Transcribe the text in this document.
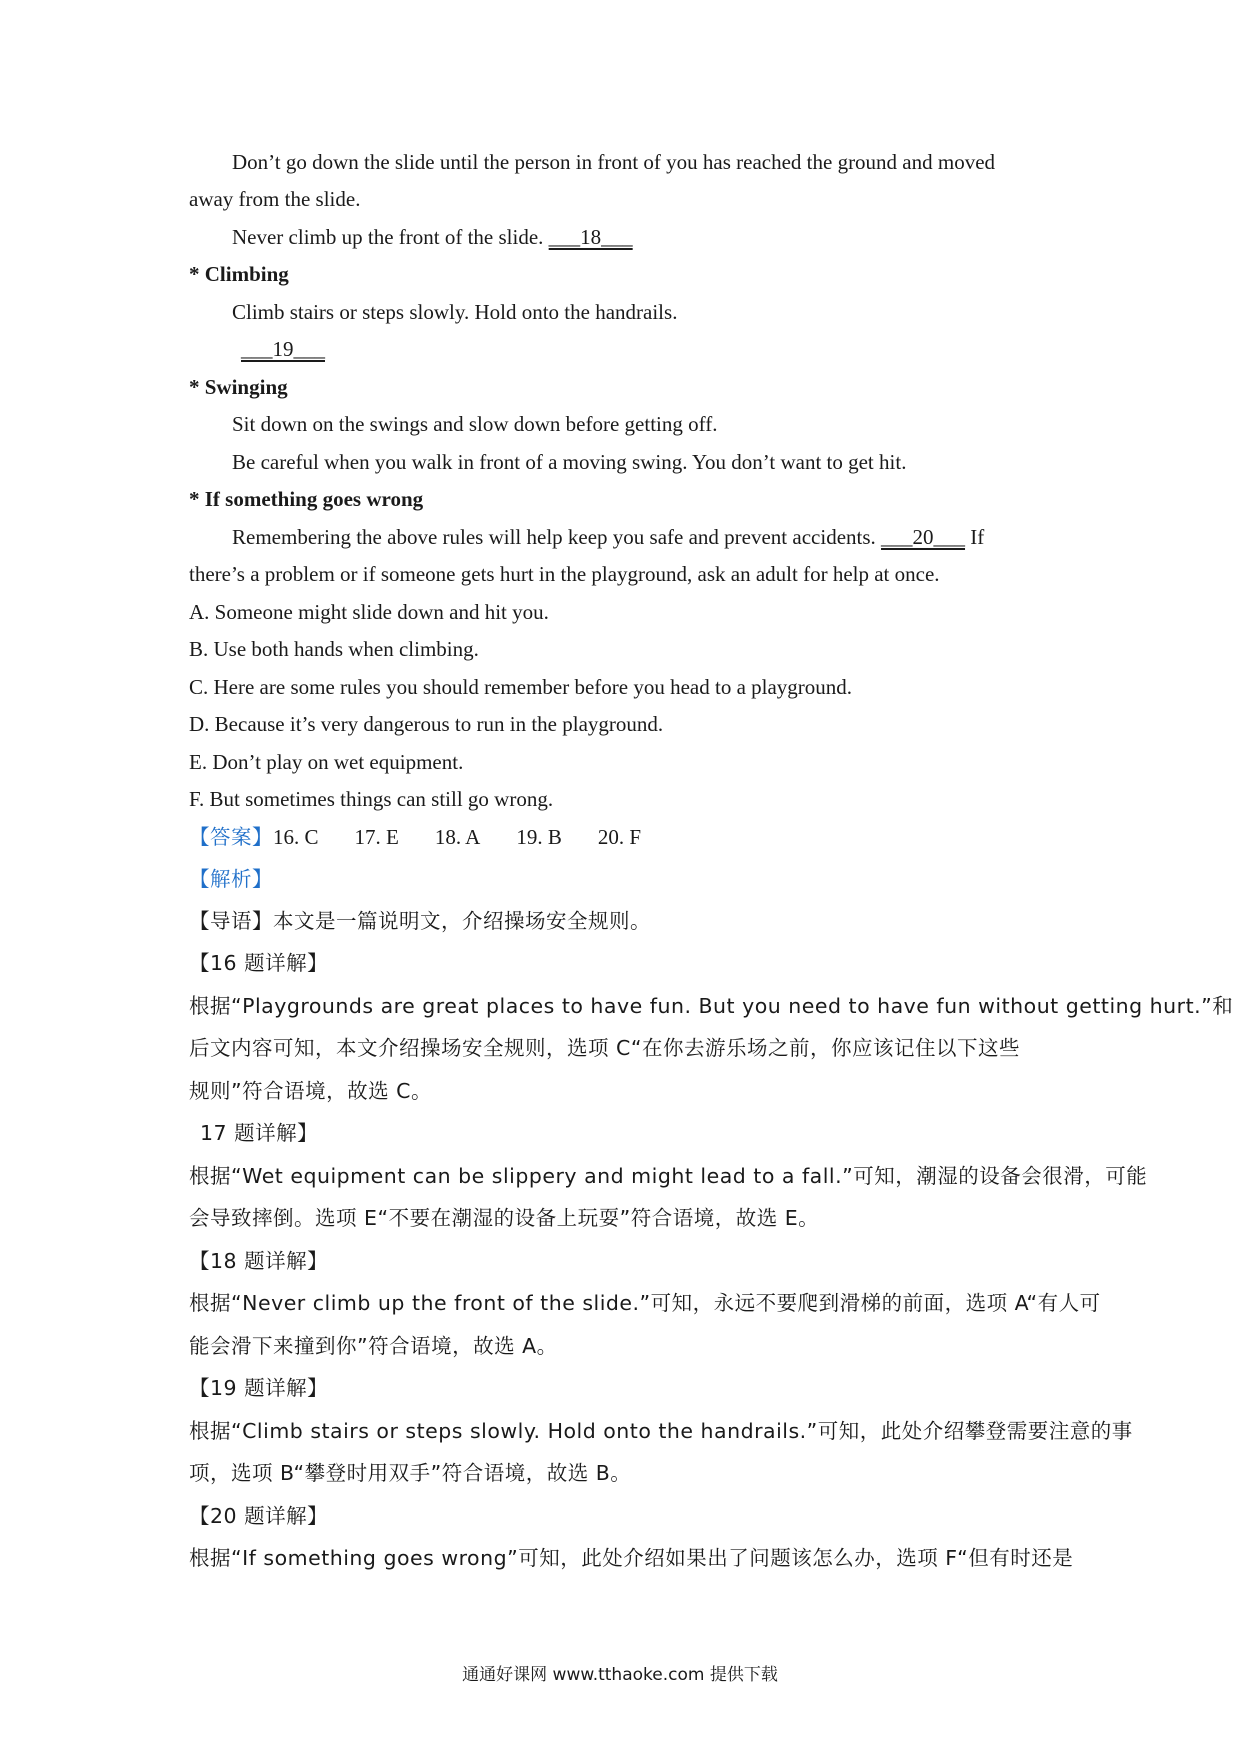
Don’t go down the slide until the person in front of you has reached the ground and moved
away from the slide.
Never climb up the front of the slide. ___18___
* Climbing
Climb stairs or steps slowly. Hold onto the handrails.
___19___
* Swinging
Sit down on the swings and slow down before getting off.
Be careful when you walk in front of a moving swing. You don’t want to get hit.
* If something goes wrong
Remembering the above rules will help keep you safe and prevent accidents. ___20___ If
there’s a problem or if someone gets hurt in the playground, ask an adult for help at once.
A. Someone might slide down and hit you.
B. Use both hands when climbing.
C. Here are some rules you should remember before you head to a playground.
D. Because it’s very dangerous to run in the playground.
E. Don’t play on wet equipment.
F. But sometimes things can still go wrong.
【答案】16. C 17. E 18. A 19. B 20. F
【解析】
【导语】本文是一篇说明文，介绍操场安全规则。
【16 题详解】
根据“Playgrounds are great places to have fun. But you need to have fun without getting hurt.”和
后文内容可知，本文介绍操场安全规则，选项 C“在你去游乐场之前，你应该记住以下这些
规则”符合语境，故选 C。
17 题详解】
根据“Wet equipment can be slippery and might lead to a fall.”可知，潮湿的设备会很滑，可能
会导致摔倒。选项 E“不要在潮湿的设备上玩耍”符合语境，故选 E。
【18 题详解】
根据“Never climb up the front of the slide.”可知，永远不要爬到滑梯的前面，选项 A“有人可
能会滑下来撞到你”符合语境，故选 A。
【19 题详解】
根据“Climb stairs or steps slowly. Hold onto the handrails.”可知，此处介绍攀登需要注意的事
项，选项 B“攀登时用双手”符合语境，故选 B。
【20 题详解】
根据“If something goes wrong”可知，此处介绍如果出了问题该怎么办，选项 F“但有时还是
通通好课网 www.tthaoke.com 提供下载
